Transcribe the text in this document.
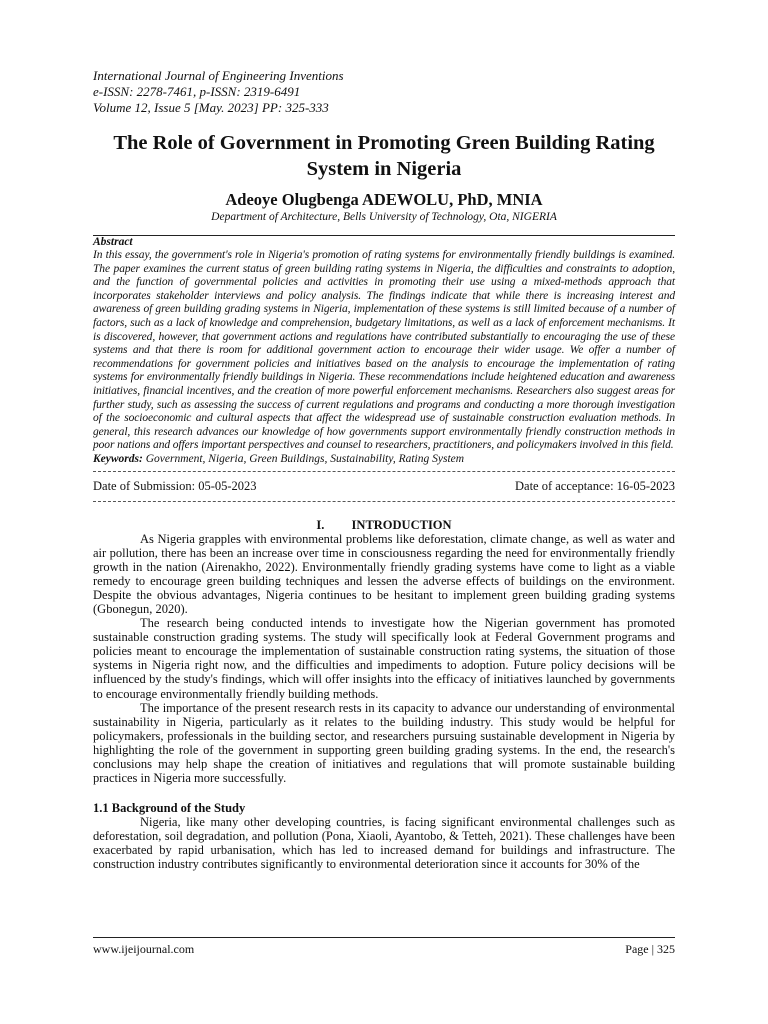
International Journal of Engineering Inventions
e-ISSN: 2278-7461, p-ISSN: 2319-6491
Volume 12, Issue 5 [May. 2023] PP: 325-333
The Role of Government in Promoting Green Building Rating System in Nigeria
Adeoye Olugbenga ADEWOLU, PhD, MNIA
Department of Architecture, Bells University of Technology, Ota, NIGERIA
Abstract
In this essay, the government's role in Nigeria's promotion of rating systems for environmentally friendly buildings is examined. The paper examines the current status of green building rating systems in Nigeria, the difficulties and constraints to adoption, and the function of governmental policies and activities in promoting their use using a mixed-methods approach that incorporates stakeholder interviews and policy analysis. The findings indicate that while there is increasing interest and awareness of green building grading systems in Nigeria, implementation of these systems is still limited because of a number of factors, such as a lack of knowledge and comprehension, budgetary limitations, as well as a lack of enforcement mechanisms. It is discovered, however, that government actions and regulations have contributed substantially to encouraging the use of these systems and that there is room for additional government action to encourage their wider usage. We offer a number of recommendations for government policies and initiatives based on the analysis to encourage the implementation of rating systems for environmentally friendly buildings in Nigeria. These recommendations include heightened education and awareness initiatives, financial incentives, and the creation of more powerful enforcement mechanisms. Researchers also suggest areas for further study, such as assessing the success of current regulations and programs and conducting a more thorough investigation of the socioeconomic and cultural aspects that affect the widespread use of sustainable construction evaluation methods. In general, this research advances our knowledge of how governments support environmentally friendly construction methods in poor nations and offers important perspectives and counsel to researchers, practitioners, and policymakers involved in this field.
Keywords: Government, Nigeria, Green Buildings, Sustainability, Rating System
Date of Submission: 05-05-2023	Date of acceptance: 16-05-2023
I. INTRODUCTION

As Nigeria grapples with environmental problems like deforestation, climate change, as well as water and air pollution, there has been an increase over time in consciousness regarding the need for environmentally friendly growth in the nation (Airenakho, 2022). Environmentally friendly grading systems have come to light as a viable remedy to encourage green building techniques and lessen the adverse effects of buildings on the environment. Despite the obvious advantages, Nigeria continues to be hesitant to implement green building grading systems (Gbonegun, 2020).

The research being conducted intends to investigate how the Nigerian government has promoted sustainable construction grading systems. The study will specifically look at Federal Government programs and policies meant to encourage the implementation of sustainable construction rating systems, the situation of those systems in Nigeria right now, and the difficulties and impediments to adoption. Future policy decisions will be influenced by the study's findings, which will offer insights into the efficacy of initiatives launched by governments to encourage environmentally friendly building methods.

The importance of the present research rests in its capacity to advance our understanding of environmental sustainability in Nigeria, particularly as it relates to the building industry. This study would be helpful for policymakers, professionals in the building sector, and researchers pursuing sustainable development in Nigeria by highlighting the role of the government in supporting green building grading systems. In the end, the research's conclusions may help shape the creation of initiatives and regulations that will promote sustainable building practices in Nigeria more successfully.

1.1 Background of the Study

Nigeria, like many other developing countries, is facing significant environmental challenges such as deforestation, soil degradation, and pollution (Pona, Xiaoli, Ayantobo, & Tetteh, 2021). These challenges have been exacerbated by rapid urbanisation, which has led to increased demand for buildings and infrastructure. The construction industry contributes significantly to environmental deterioration since it accounts for 30% of the

www.ijeijournal.com	Page | 325
